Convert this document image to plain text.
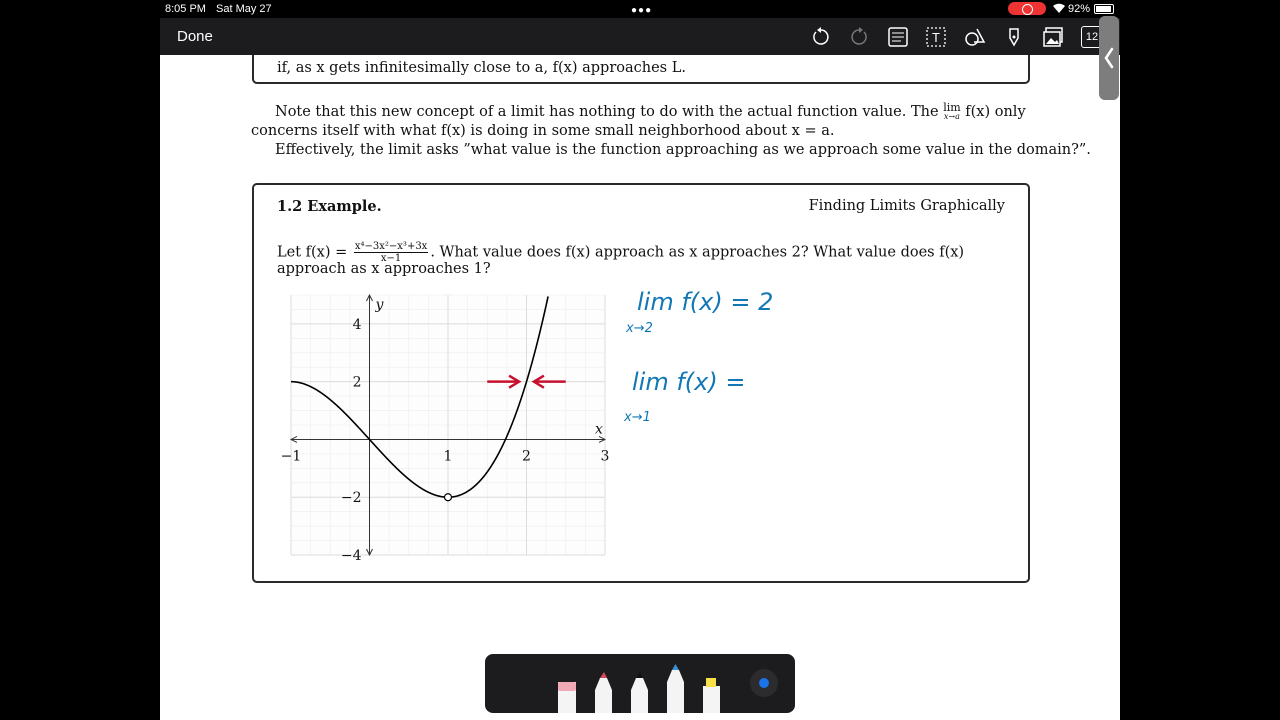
8:05 PM Sat May 27	●●●	92%
Done	T	12
if, as x gets infinitesimally close to a, f(x) approaches L.
Note that this new concept of a limit has nothing to do with the actual function value. The lim
x→a f(x) only
concerns itself with what f(x) is doing in some small neighborhood about x = a.
Effectively, the limit asks ”what value is the function approaching as we approach some value in the domain?”.
1.2 Example.	Finding Limits Graphically
Let $f(x) = \frac{\text{x⁴−3x²−x³+3x}}{x-1}$ . What value does f(x) approach as x approaches 2? What value does f(x)
approach as x approaches 1?
−1	1	2	3
4
2
−2
−4
x
y	lim f(x) = 2
x→2
lim f(x) =
x→1
